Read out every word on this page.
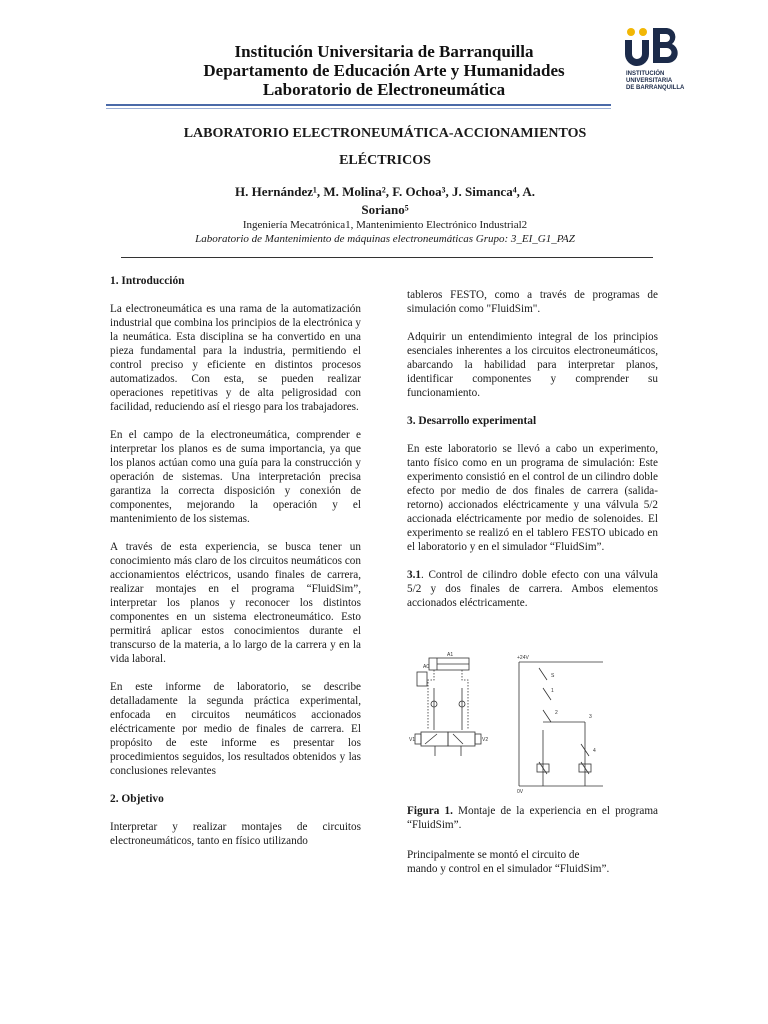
Institución Universitaria de Barranquilla
Departamento de Educación Arte y Humanidades
Laboratorio de Electroneumática
INSTITUCIÓN
UNIVERSITARIA
DE BARRANQUILLA
LABORATORIO ELECTRONEUMÁTICA-ACCIONAMIENTOS
ELÉCTRICOS
H. Hernández¹, M. Molina², F. Ochoa³, J. Simanca⁴, A.
Soriano⁵
Ingeniería Mecatrónica1, Mantenimiento Electrónico Industrial2
Laboratorio de Mantenimiento de máquinas electroneumáticas Grupo: 3_EI_G1_PAZ
1. Introducción

La electroneumática es una rama de la automatización industrial que combina los principios de la electrónica y la neumática. Esta disciplina se ha convertido en una pieza fundamental para la industria, permitiendo el control preciso y eficiente en distintos procesos automatizados. Con esta, se pueden realizar operaciones repetitivas y de alta peligrosidad con facilidad, reduciendo así el riesgo para los trabajadores.

En el campo de la electroneumática, comprender e interpretar los planos es de suma importancia, ya que los planos actúan como una guía para la construcción y operación de sistemas. Una interpretación precisa garantiza la correcta disposición y conexión de componentes, mejorando la operación y el mantenimiento de los sistemas.

A través de esta experiencia, se busca tener un conocimiento más claro de los circuitos neumáticos con accionamientos eléctricos, usando finales de carrera, realizar montajes en el programa “FluidSim”, interpretar los planos y reconocer los distintos componentes en un sistema electroneumático. Esto permitirá aplicar estos conocimientos durante el transcurso de la materia, a lo largo de la carrera y en la vida laboral.

En este informe de laboratorio, se describe detalladamente la segunda práctica experimental, enfocada en circuitos neumáticos accionados eléctricamente por medio de finales de carrera. El propósito de este informe es presentar los procedimientos seguidos, los resultados obtenidos y las conclusiones relevantes

2. Objetivo

Interpretar y realizar montajes de circuitos electroneumáticos, tanto en físico utilizando

tableros FESTO, como a través de programas de simulación como "FluidSim".

Adquirir un entendimiento integral de los principios esenciales inherentes a los circuitos electroneumáticos, abarcando la habilidad para interpretar planos, identificar componentes y comprender su funcionamiento.

3. Desarrollo experimental

En este laboratorio se llevó a cabo un experimento, tanto físico como en un programa de simulación: Este experimento consistió en el control de un cilindro doble efecto por medio de dos finales de carrera (salida-retorno) accionados eléctricamente y una válvula 5/2 accionada eléctricamente por medio de solenoides. El experimento se realizó en el tablero FESTO ubicado en el laboratorio y en el simulador “FluidSim”.

3.1. Control de cilindro doble efecto con una válvula 5/2 y dos finales de carrera. Ambos elementos accionados eléctricamente.

A0
A1
V1	V2
+24V
0V
S
1
2
3
4
Figura 1. Montaje de la experiencia en el programa “FluidSim”.
Principalmente se montó el circuito de
mando y control en el simulador “FluidSim”.
